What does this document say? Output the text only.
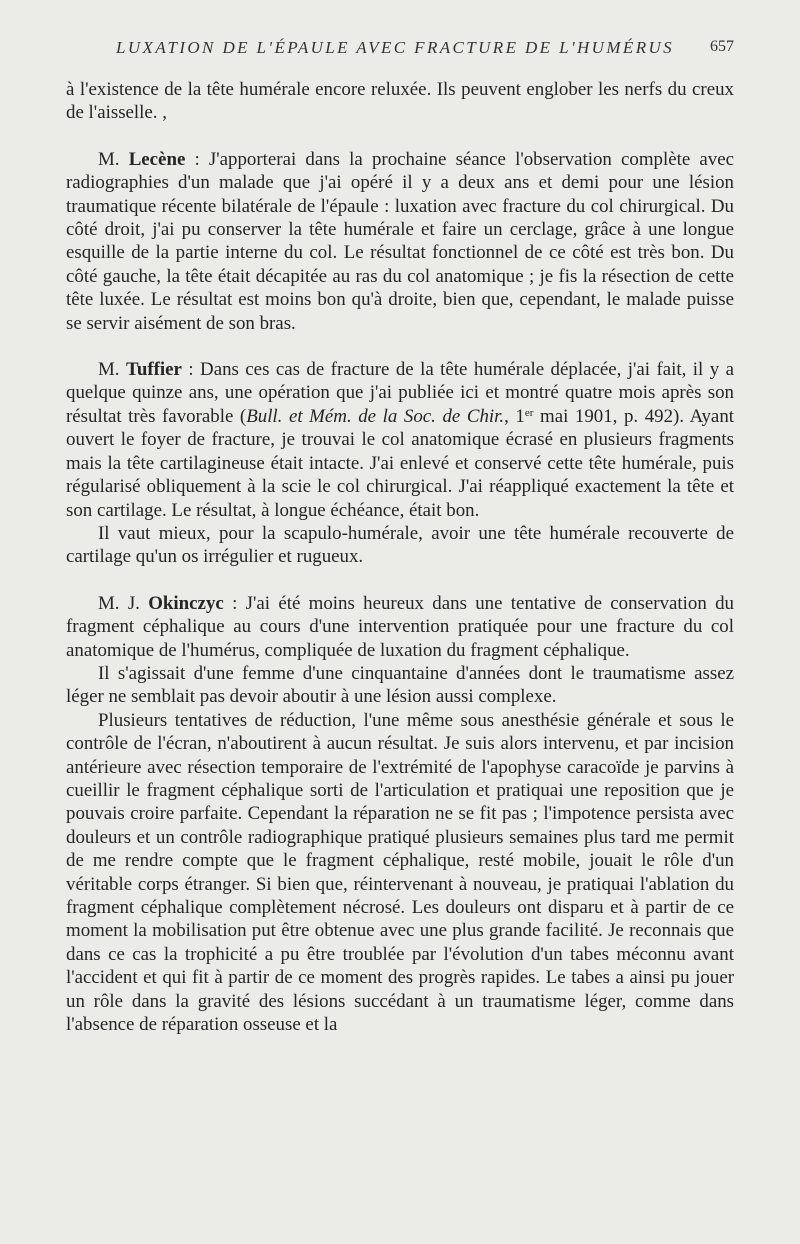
LUXATION DE L'ÉPAULE AVEC FRACTURE DE L'HUMÉRUS 657

à l'existence de la tête humérale encore reluxée. Ils peuvent englober les nerfs du creux de l'aisselle. ,

M. Lecène : J'apporterai dans la prochaine séance l'observation complète avec radiographies d'un malade que j'ai opéré il y a deux ans et demi pour une lésion traumatique récente bilatérale de l'épaule : luxation avec fracture du col chirurgical. Du côté droit, j'ai pu conserver la tête humérale et faire un cerclage, grâce à une longue esquille de la partie interne du col. Le résultat fonctionnel de ce côté est très bon. Du côté gauche, la tête était décapitée au ras du col anatomique ; je fis la résection de cette tête luxée. Le résultat est moins bon qu'à droite, bien que, cependant, le malade puisse se servir aisément de son bras.

M. Tuffier : Dans ces cas de fracture de la tête humérale déplacée, j'ai fait, il y a quelque quinze ans, une opération que j'ai publiée ici et montré quatre mois après son résultat très favorable (Bull. et Mém. de la Soc. de Chir., 1er mai 1901, p. 492). Ayant ouvert le foyer de fracture, je trouvai le col anatomique écrasé en plusieurs fragments mais la tête cartilagineuse était intacte. J'ai enlevé et conservé cette tête humérale, puis régularisé obliquement à la scie le col chirurgical. J'ai réappliqué exactement la tête et son cartilage. Le résultat, à longue échéance, était bon.

Il vaut mieux, pour la scapulo-humérale, avoir une tête humérale recouverte de cartilage qu'un os irrégulier et rugueux.

M. J. Okinczyc : J'ai été moins heureux dans une tentative de conservation du fragment céphalique au cours d'une intervention pratiquée pour une fracture du col anatomique de l'humérus, compliquée de luxation du fragment céphalique.

Il s'agissait d'une femme d'une cinquantaine d'années dont le traumatisme assez léger ne semblait pas devoir aboutir à une lésion aussi complexe.

Plusieurs tentatives de réduction, l'une même sous anesthésie générale et sous le contrôle de l'écran, n'aboutirent à aucun résultat. Je suis alors intervenu, et par incision antérieure avec résection temporaire de l'extrémité de l'apophyse caracoïde je parvins à cueillir le fragment céphalique sorti de l'articulation et pratiquai une reposition que je pouvais croire parfaite. Cependant la réparation ne se fit pas ; l'impotence persista avec douleurs et un contrôle radiographique pratiqué plusieurs semaines plus tard me permit de me rendre compte que le fragment céphalique, resté mobile, jouait le rôle d'un véritable corps étranger. Si bien que, réintervenant à nouveau, je pratiquai l'ablation du fragment céphalique complètement nécrosé. Les douleurs ont disparu et à partir de ce moment la mobilisation put être obtenue avec une plus grande facilité. Je reconnais que dans ce cas la trophicité a pu être troublée par l'évolution d'un tabes méconnu avant l'accident et qui fit à partir de ce moment des progrès rapides. Le tabes a ainsi pu jouer un rôle dans la gravité des lésions succédant à un traumatisme léger, comme dans l'absence de réparation osseuse et la
